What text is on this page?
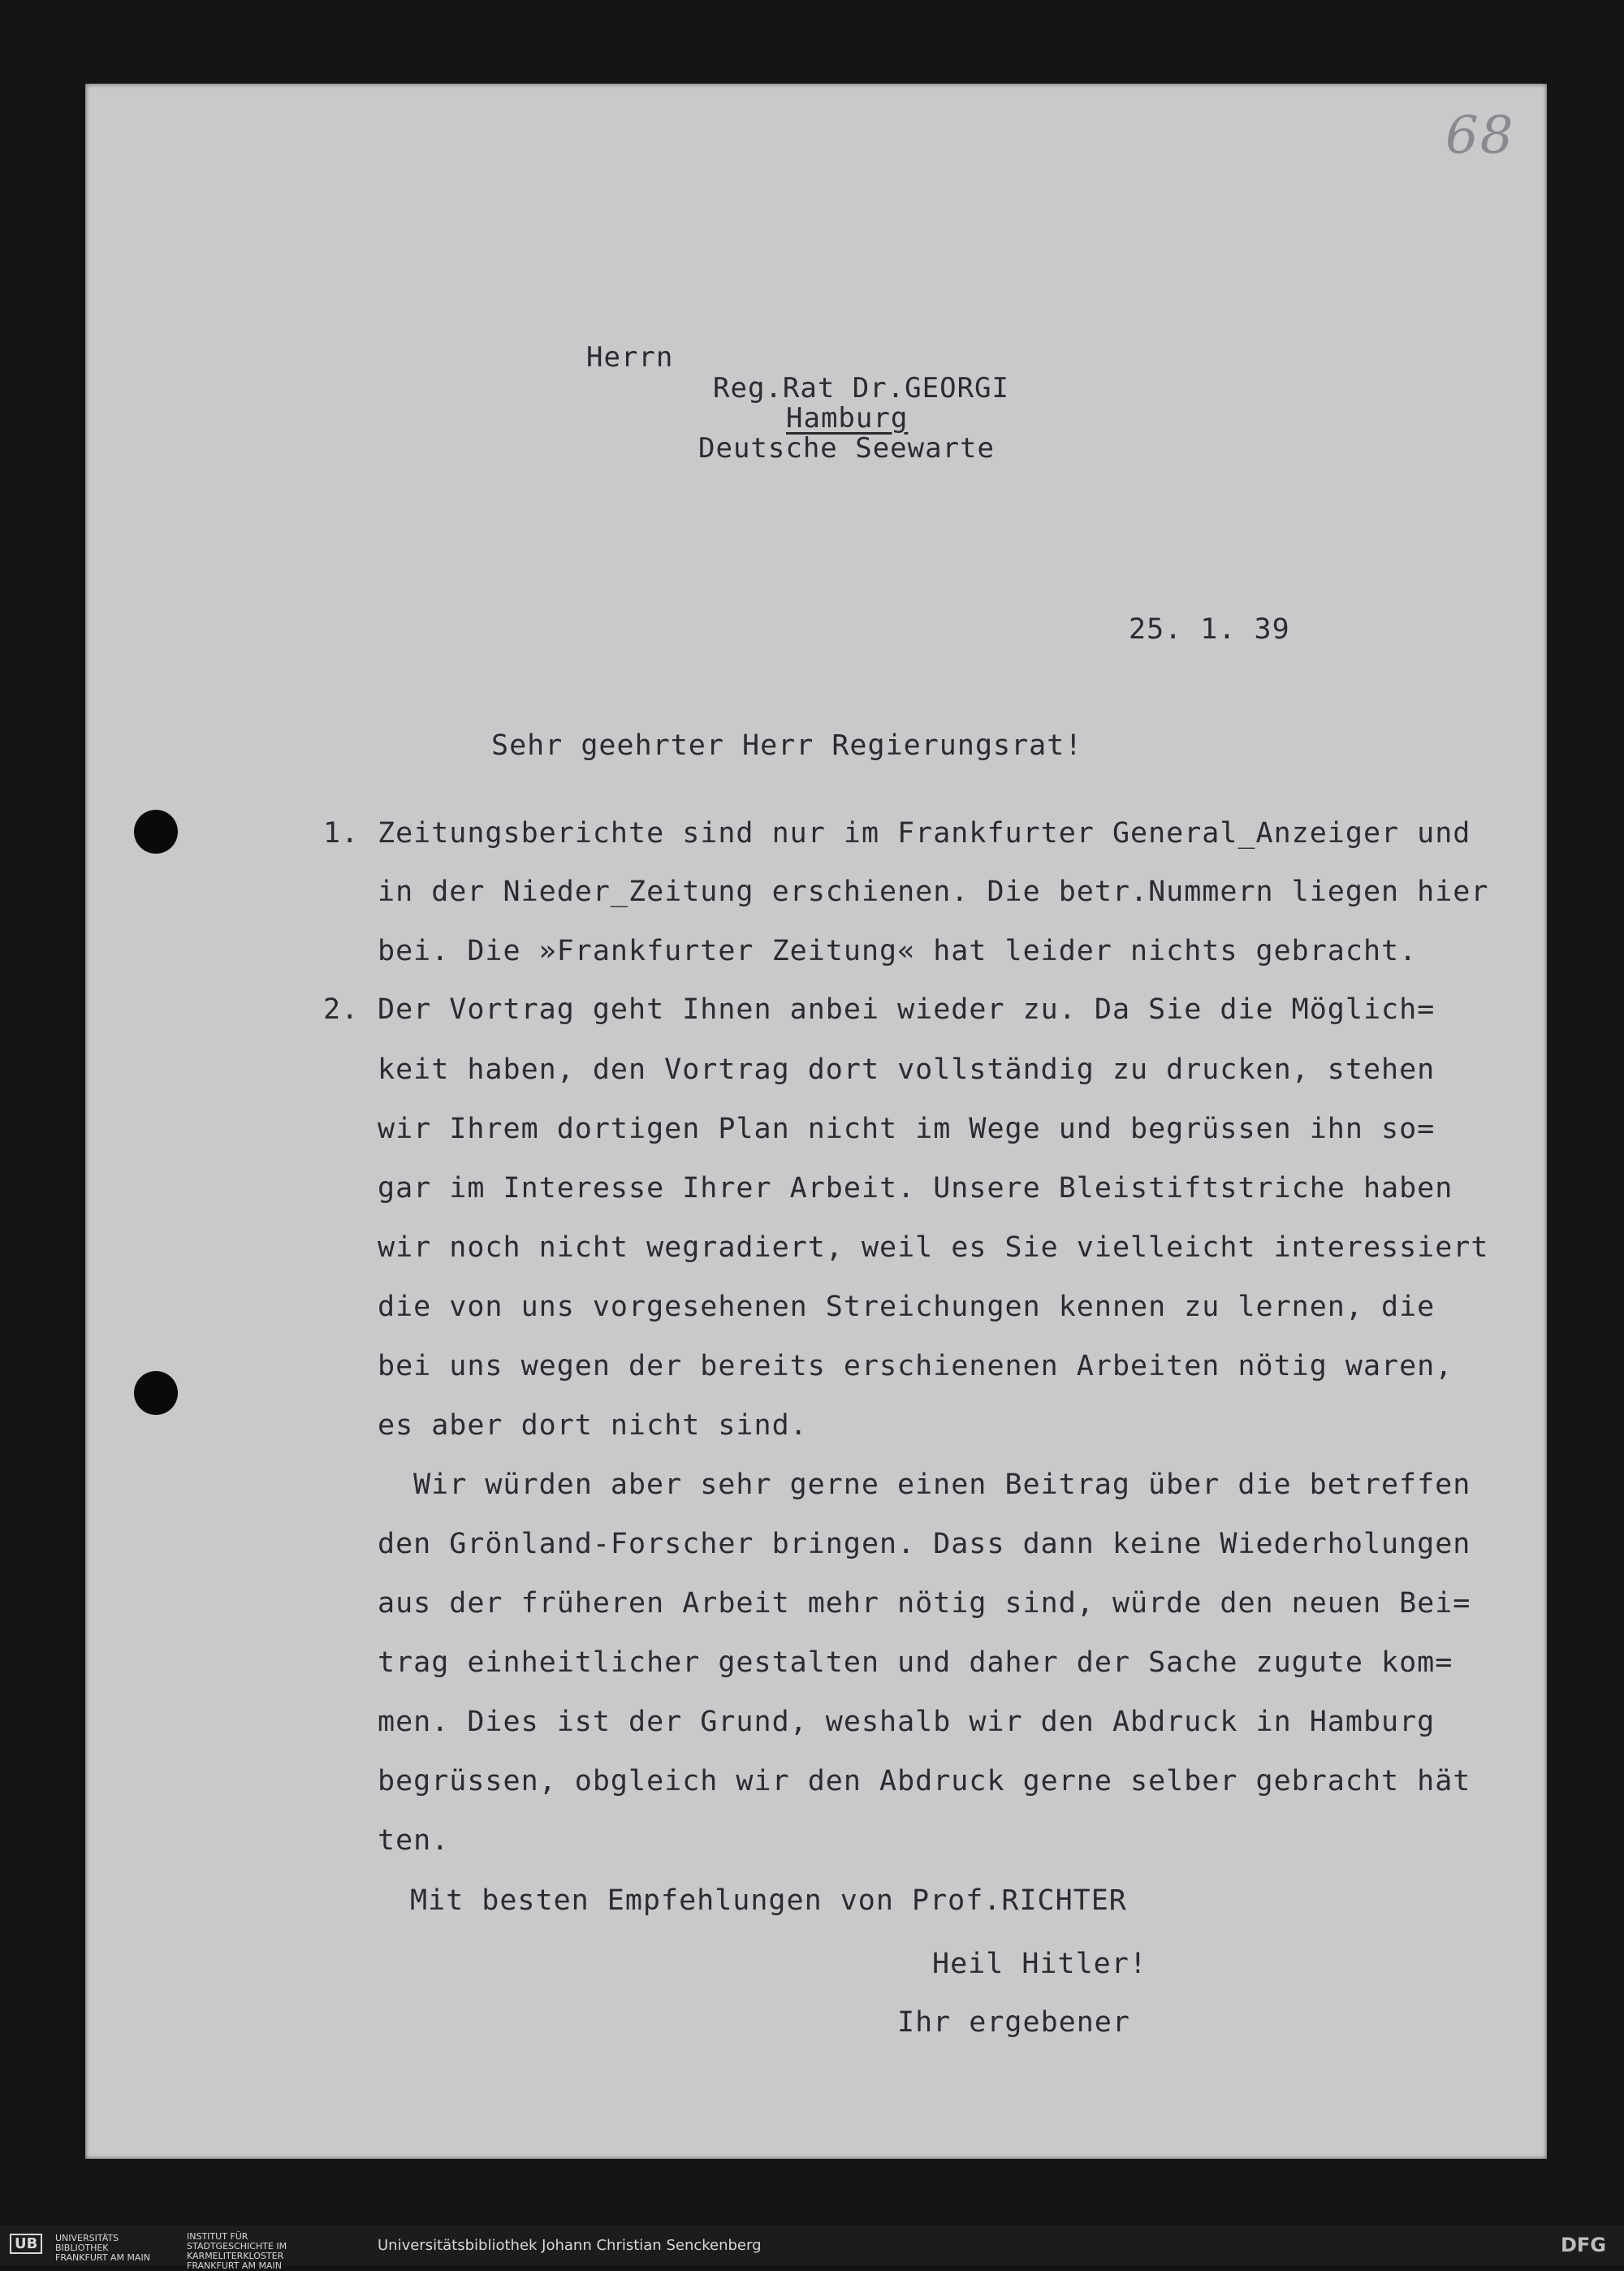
68
Herrn
Reg.Rat Dr.GEORGI
Hamburg
Deutsche Seewarte
25. 1. 39
Sehr geehrter Herr Regierungsrat!
1. Zeitungsberichte sind nur im Frankfurter General_Anzeiger und
in der Nieder_Zeitung erschienen. Die betr.Nummern liegen hier
bei. Die »Frankfurter Zeitung« hat leider nichts gebracht.
2. Der Vortrag geht Ihnen anbei wieder zu. Da Sie die Möglich=
keit haben, den Vortrag dort vollständig zu drucken, stehen
wir Ihrem dortigen Plan nicht im Wege und begrüssen ihn so=
gar im Interesse Ihrer Arbeit. Unsere Bleistiftstriche haben
wir noch nicht wegradiert, weil es Sie vielleicht interessiert
die von uns vorgesehenen Streichungen kennen zu lernen, die
bei uns wegen der bereits erschienenen Arbeiten nötig waren,
es aber dort nicht sind.
Wir würden aber sehr gerne einen Beitrag über die betreffen
den Grönland-Forscher bringen. Dass dann keine Wiederholungen
aus der früheren Arbeit mehr nötig sind, würde den neuen Bei=
trag einheitlicher gestalten und daher der Sache zugute kom=
men. Dies ist der Grund, weshalb wir den Abdruck in Hamburg
begrüssen, obgleich wir den Abdruck gerne selber gebracht hät
ten.
Mit besten Empfehlungen von Prof.RICHTER
Heil Hitler!
Ihr ergebener
UB	UNIVERSITÄTS BIBLIOTHEK FRANKFURT AM MAIN
INSTITUT FÜR STADTGESCHICHTE IM KARMELITERKLOSTER FRANKFURT AM MAIN
Universitätsbibliothek Johann Christian Senckenberg	DFG
